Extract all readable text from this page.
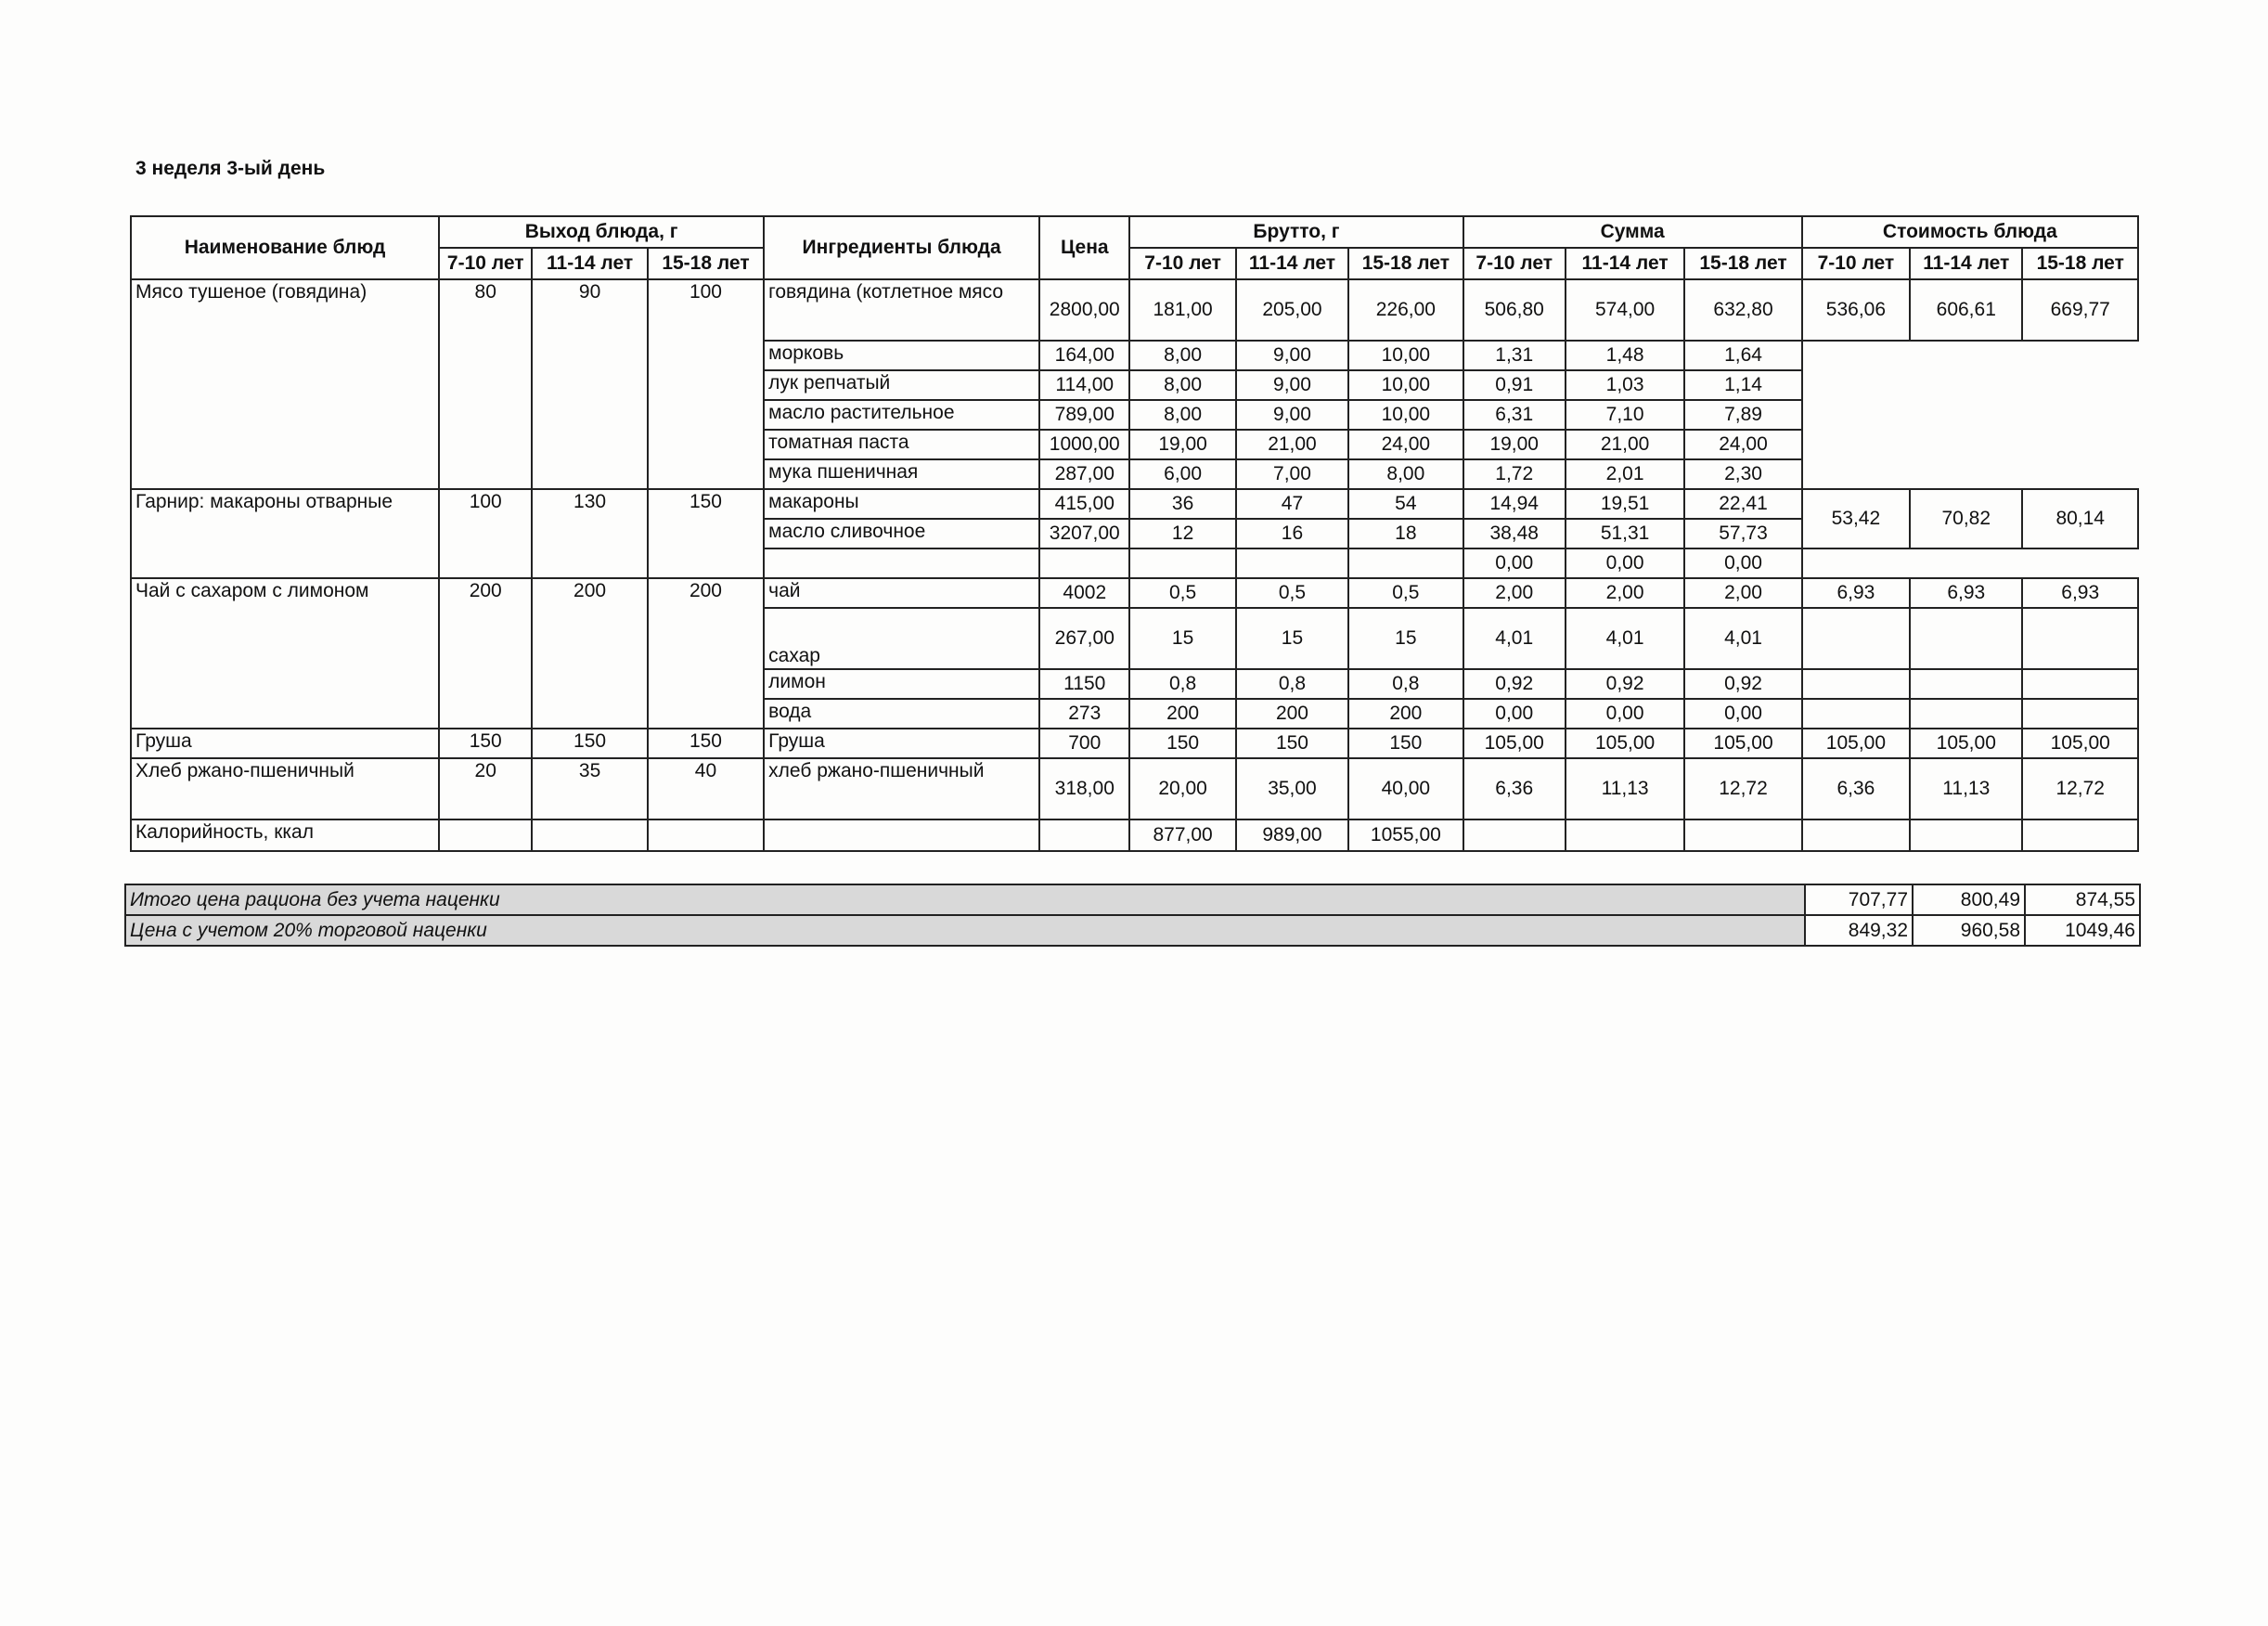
3 неделя 3-ый день
Наименование блюд	Выход блюда, г			Ингредиенты блюда	Цена	Брутто, г			Сумма			Стоимость блюда		
	7-10 лет	11-14 лет	15-18 лет			7-10 лет	11-14 лет	15-18 лет	7-10 лет	11-14 лет	15-18 лет	7-10 лет	11-14 лет	15-18 лет
Мясо тушеное (говядина)	80	90	100	говядина (котлетное мясо	2800,00	181,00	205,00	226,00	506,80	574,00	632,80	536,06	606,61	669,77
				морковь	164,00	8,00	9,00	10,00	1,31	1,48	1,64			
				лук репчатый	114,00	8,00	9,00	10,00	0,91	1,03	1,14			
				масло растительное	789,00	8,00	9,00	10,00	6,31	7,10	7,89			
				томатная паста	1000,00	19,00	21,00	24,00	19,00	21,00	24,00			
				мука пшеничная	287,00	6,00	7,00	8,00	1,72	2,01	2,30			
Гарнир: макароны отварные	100	130	150	макароны	415,00	36	47	54	14,94	19,51	22,41	53,42	70,82	80,14
				масло сливочное	3207,00	12	16	18	38,48	51,31	57,73			
									0,00	0,00	0,00			
Чай с сахаром с лимоном	200	200	200	чай	4002	0,5	0,5	0,5	2,00	2,00	2,00	6,93	6,93	6,93
				сахар	267,00	15	15	15	4,01	4,01	4,01			
				лимон	1150	0,8	0,8	0,8	0,92	0,92	0,92			
				вода	273	200	200	200	0,00	0,00	0,00			
Груша	150	150	150	Груша	700	150	150	150	105,00	105,00	105,00	105,00	105,00	105,00
Хлеб ржано-пшеничный	20	35	40	хлеб ржано-пшеничный	318,00	20,00	35,00	40,00	6,36	11,13	12,72	6,36	11,13	12,72
Калорийность, ккал						877,00	989,00	1055,00						
Итого цена рациона без учета наценки	707,77	800,49	874,55
Цена с учетом 20% торговой наценки	849,32	960,58	1049,46
